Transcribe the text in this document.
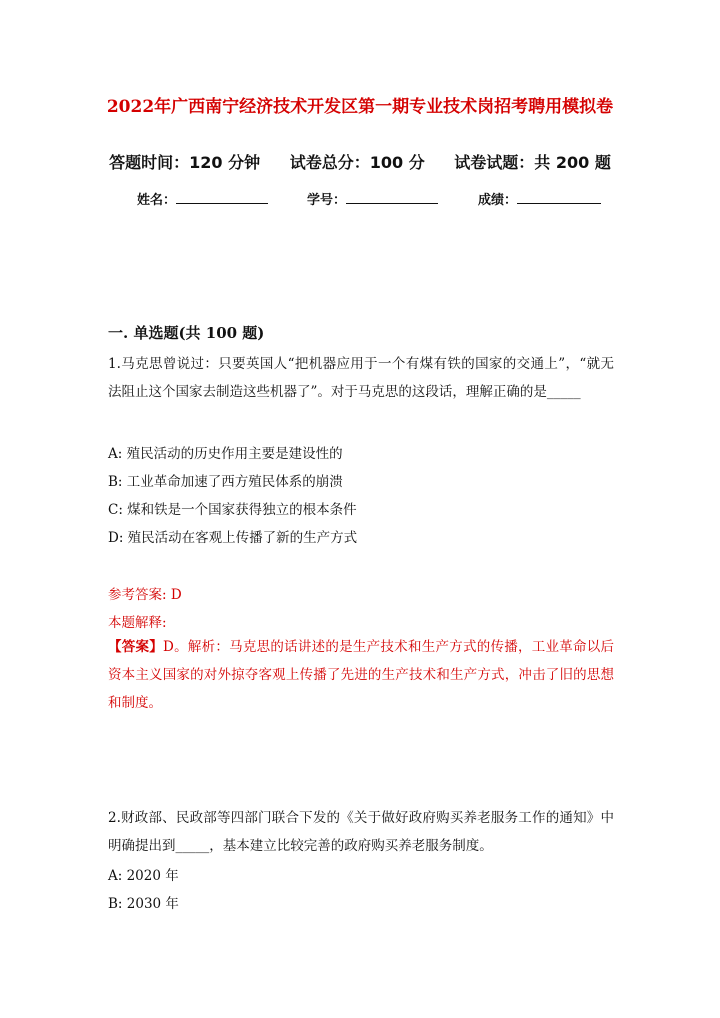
2022年广西南宁经济技术开发区第一期专业技术岗招考聘用模拟卷
答题时间：120 分钟 试卷总分：100 分 试卷试题：共 200 题
姓名：	学号：	成绩：
一. 单选题(共 100 题)
1.马克思曾说过：只要英国人“把机器应用于一个有煤有铁的国家的交通上”，“就无法阻止这个国家去制造这些机器了”。对于马克思的这段话，理解正确的是_____
A: 殖民活动的历史作用主要是建设性的
B: 工业革命加速了西方殖民体系的崩溃
C: 煤和铁是一个国家获得独立的根本条件
D: 殖民活动在客观上传播了新的生产方式
参考答案: D
本题解释:
【答案】D。解析：马克思的话讲述的是生产技术和生产方式的传播，工业革命以后资本主义国家的对外掠夺客观上传播了先进的生产技术和生产方式，冲击了旧的思想和制度。
2.财政部、民政部等四部门联合下发的《关于做好政府购买养老服务工作的通知》中明确提出到_____，基本建立比较完善的政府购买养老服务制度。
A: 2020 年
B: 2030 年
